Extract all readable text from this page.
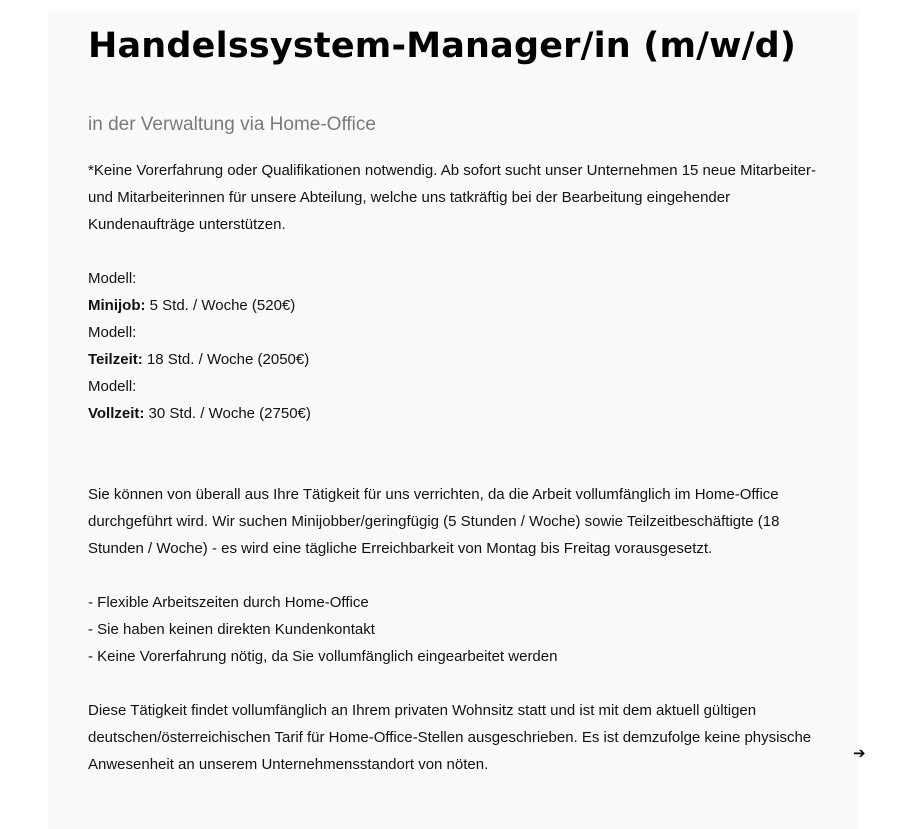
Handelssystem-Manager/in (m/w/d)
in der Verwaltung via Home-Office

*Keine Vorerfahrung oder Qualifikationen notwendig. Ab sofort sucht unser Unternehmen 15 neue Mitarbeiter- und Mitarbeiterinnen für unsere Abteilung, welche uns tatkräftig bei der Bearbeitung eingehender Kundenaufträge unterstützen.

Modell:
Minijob: 5 Std. / Woche (520€)
Modell:
Teilzeit: 18 Std. / Woche (2050€)
Modell:
Vollzeit: 30 Std. / Woche (2750€)

Sie können von überall aus Ihre Tätigkeit für uns verrichten, da die Arbeit vollumfänglich im Home-Office durchgeführt wird. Wir suchen Minijobber/geringfügig (5 Stunden / Woche) sowie Teilzeitbeschäftigte (18 Stunden / Woche) - es wird eine tägliche Erreichbarkeit von Montag bis Freitag vorausgesetzt.

- Flexible Arbeitszeiten durch Home-Office
- Sie haben keinen direkten Kundenkontakt
- Keine Vorerfahrung nötig, da Sie vollumfänglich eingearbeitet werden

Diese Tätigkeit findet vollumfänglich an Ihrem privaten Wohnsitz statt und ist mit dem aktuell gültigen deutschen/österreichischen Tarif für Home-Office-Stellen ausgeschrieben. Es ist demzufolge keine physische Anwesenheit an unserem Unternehmensstandort von nöten.

➔
